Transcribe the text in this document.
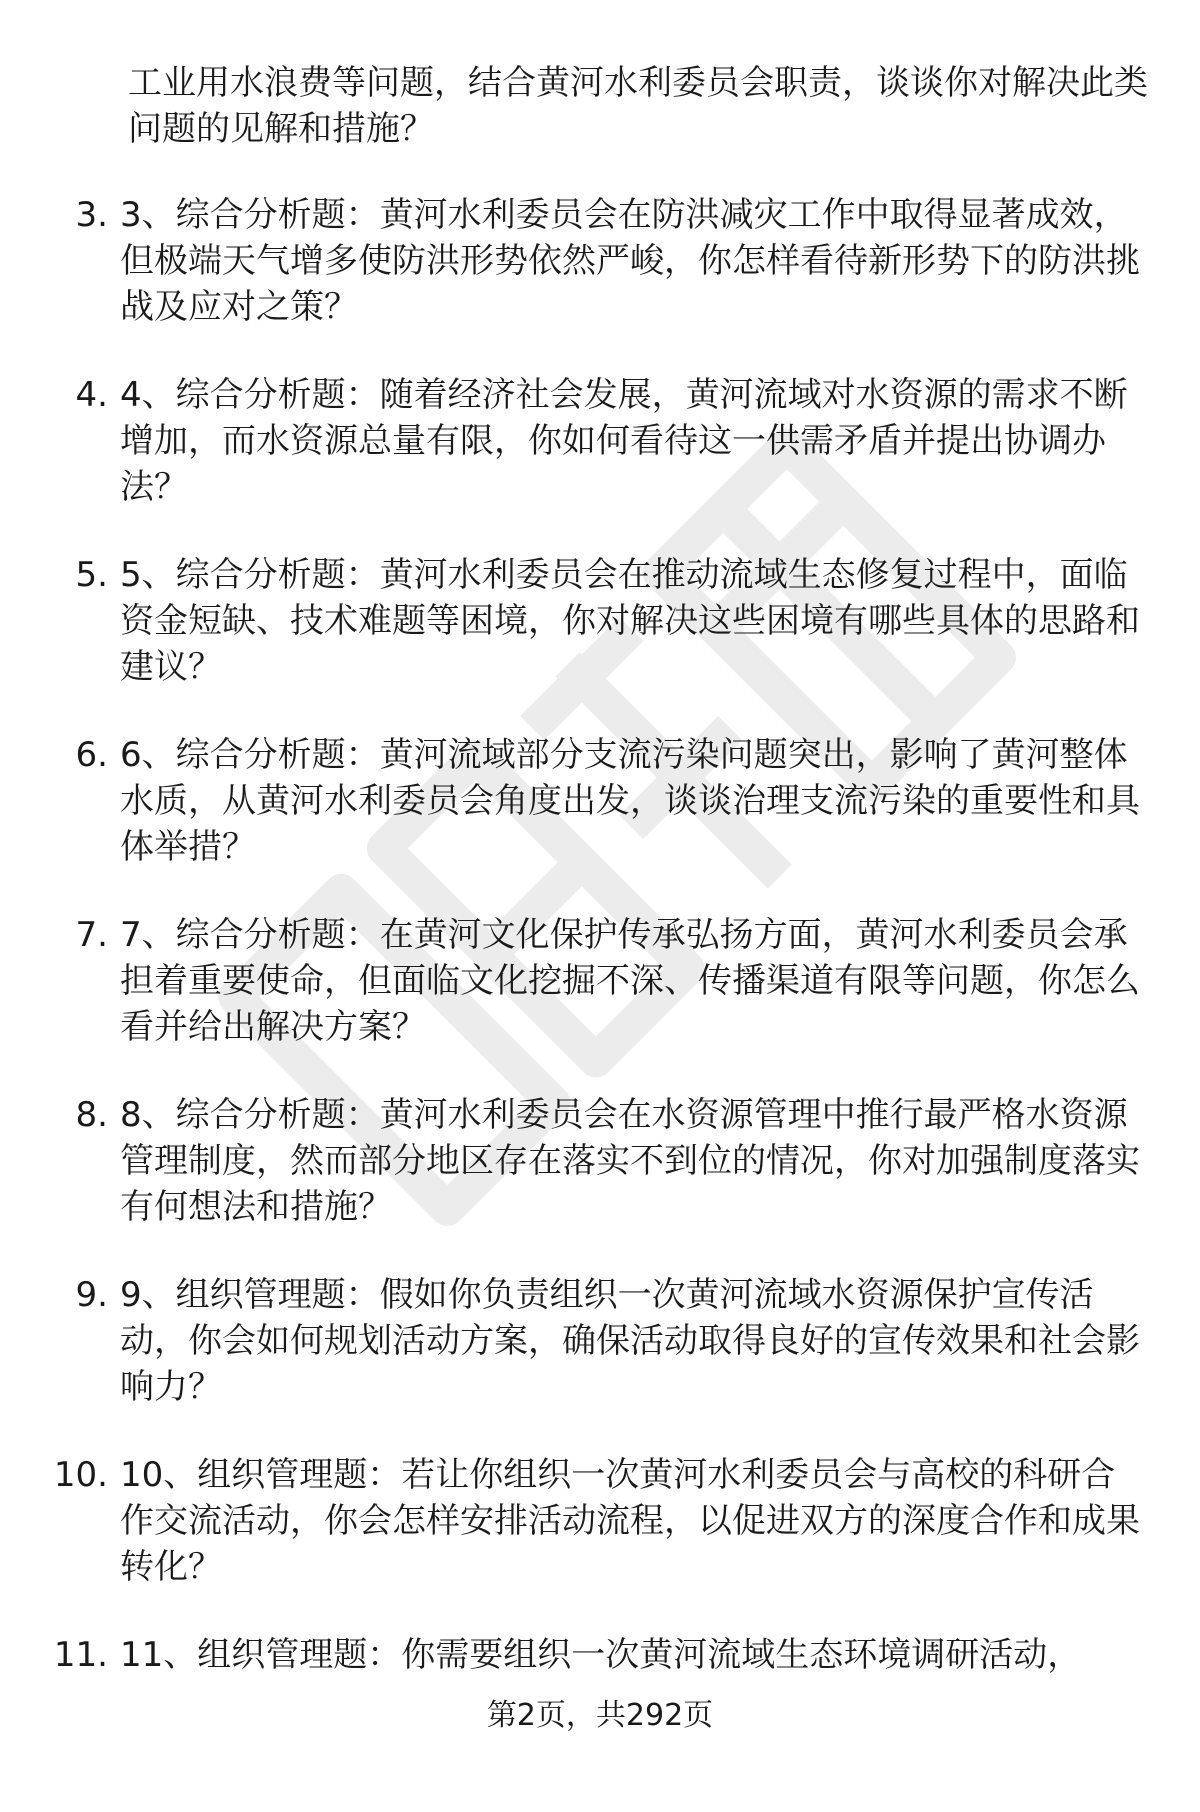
工业用水浪费等问题，结合黄河水利委员会职责，谈谈你对解决此类问题的见解和措施？
3. 3、综合分析题：黄河水利委员会在防洪减灾工作中取得显著成效，但极端天气增多使防洪形势依然严峻，你怎样看待新形势下的防洪挑战及应对之策？
4. 4、综合分析题：随着经济社会发展，黄河流域对水资源的需求不断增加，而水资源总量有限，你如何看待这一供需矛盾并提出协调办法？
5. 5、综合分析题：黄河水利委员会在推动流域生态修复过程中，面临资金短缺、技术难题等困境，你对解决这些困境有哪些具体的思路和建议？
6. 6、综合分析题：黄河流域部分支流污染问题突出，影响了黄河整体水质，从黄河水利委员会角度出发，谈谈治理支流污染的重要性和具体举措？
7. 7、综合分析题：在黄河文化保护传承弘扬方面，黄河水利委员会承担着重要使命，但面临文化挖掘不深、传播渠道有限等问题，你怎么看并给出解决方案？
8. 8、综合分析题：黄河水利委员会在水资源管理中推行最严格水资源管理制度，然而部分地区存在落实不到位的情况，你对加强制度落实有何想法和措施？
9. 9、组织管理题：假如你负责组织一次黄河流域水资源保护宣传活动，你会如何规划活动方案，确保活动取得良好的宣传效果和社会影响力？
10. 10、组织管理题：若让你组织一次黄河水利委员会与高校的科研合作交流活动，你会怎样安排活动流程，以促进双方的深度合作和成果转化？
11. 11、组织管理题：你需要组织一次黄河流域生态环境调研活动，
第2页，共292页
